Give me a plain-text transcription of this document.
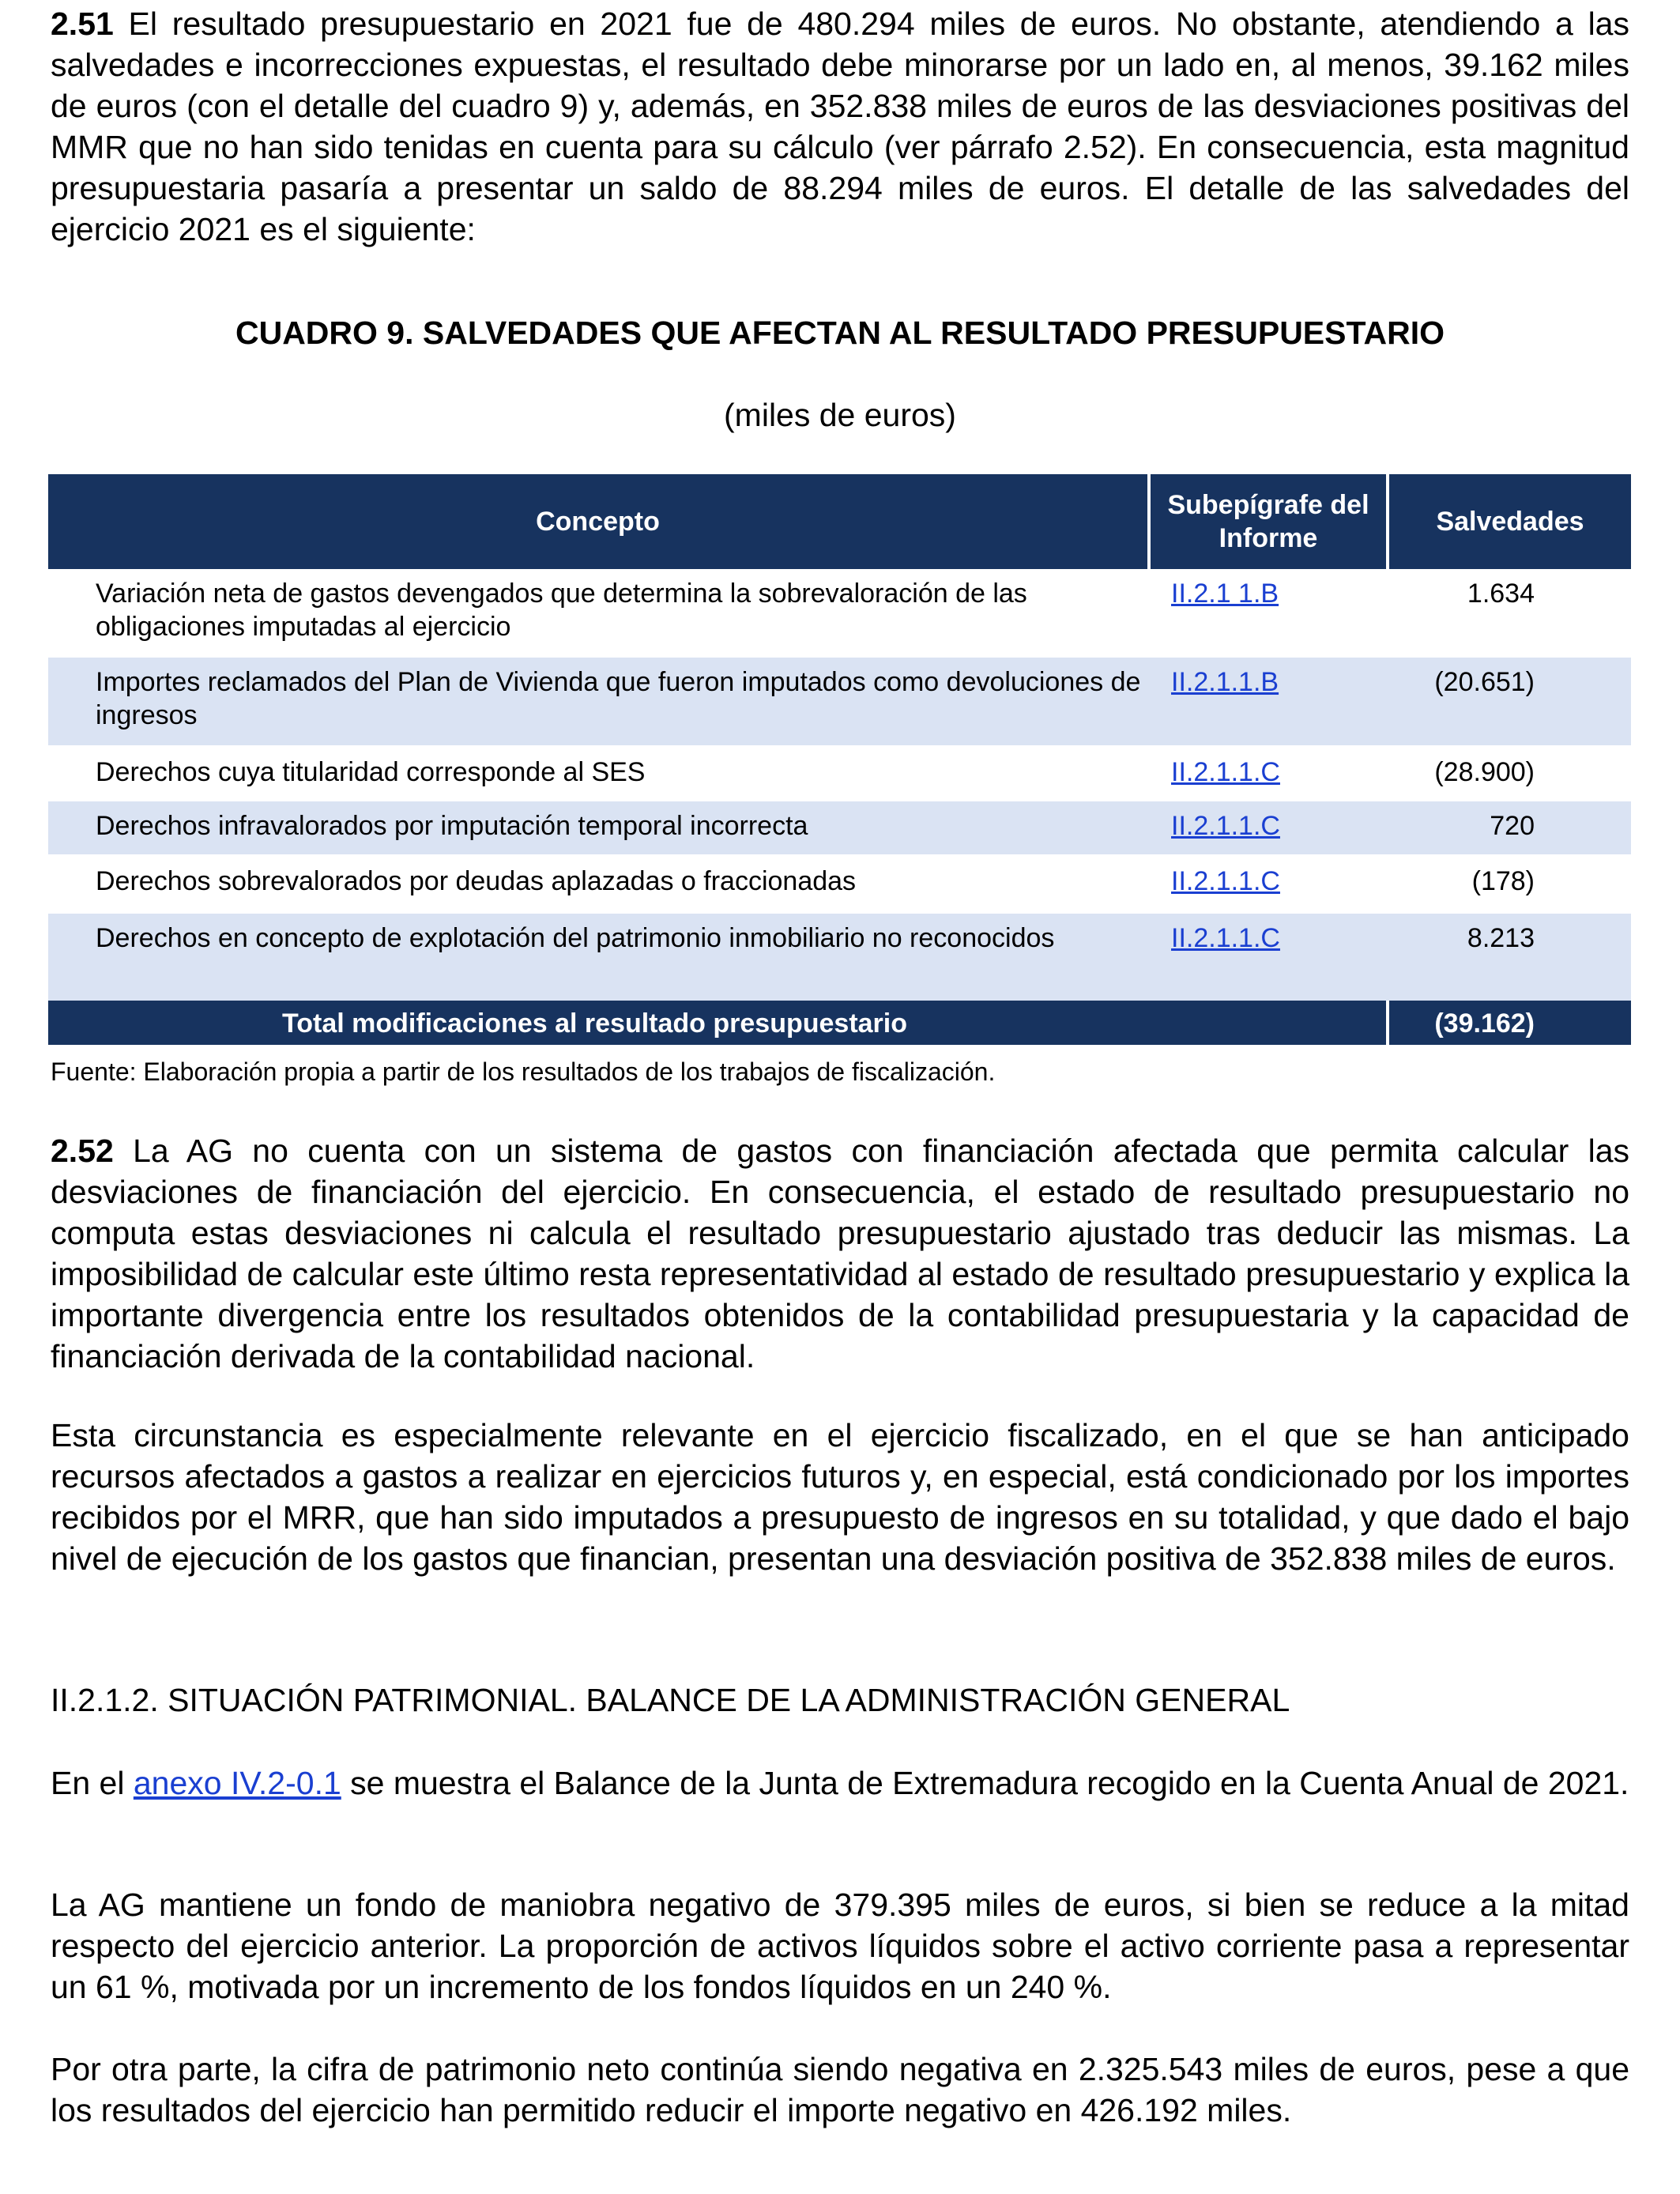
2.51 El resultado presupuestario en 2021 fue de 480.294 miles de euros. No obstante, atendiendo a las salvedades e incorrecciones expuestas, el resultado debe minorarse por un lado en, al menos, 39.162 miles de euros (con el detalle del cuadro 9) y, además, en 352.838 miles de euros de las desviaciones positivas del MMR que no han sido tenidas en cuenta para su cálculo (ver párrafo 2.52). En consecuencia, esta magnitud presupuestaria pasaría a presentar un saldo de 88.294 miles de euros. El detalle de las salvedades del ejercicio 2021 es el siguiente:

CUADRO 9. SALVEDADES QUE AFECTAN AL RESULTADO PRESUPUESTARIO
(miles de euros)
Concepto	Subepígrafe del Informe	Salvedades
Variación neta de gastos devengados que determina la sobrevaloración de las obligaciones imputadas al ejercicio	II.2.1 1.B	1.634
Importes reclamados del Plan de Vivienda que fueron imputados como devoluciones de ingresos	II.2.1.1.B	(20.651)
Derechos cuya titularidad corresponde al SES	II.2.1.1.C	(28.900)
Derechos infravalorados por imputación temporal incorrecta	II.2.1.1.C	720
Derechos sobrevalorados por deudas aplazadas o fraccionadas	II.2.1.1.C	(178)
Derechos en concepto de explotación del patrimonio inmobiliario no reconocidos	II.2.1.1.C	8.213
Total modificaciones al resultado presupuestario		(39.162)
Fuente: Elaboración propia a partir de los resultados de los trabajos de fiscalización.

2.52 La AG no cuenta con un sistema de gastos con financiación afectada que permita calcular las desviaciones de financiación del ejercicio. En consecuencia, el estado de resultado presupuestario no computa estas desviaciones ni calcula el resultado presupuestario ajustado tras deducir las mismas. La imposibilidad de calcular este último resta representatividad al estado de resultado presupuestario y explica la importante divergencia entre los resultados obtenidos de la contabilidad presupuestaria y la capacidad de financiación derivada de la contabilidad nacional.

Esta circunstancia es especialmente relevante en el ejercicio fiscalizado, en el que se han anticipado recursos afectados a gastos a realizar en ejercicios futuros y, en especial, está condicionado por los importes recibidos por el MRR, que han sido imputados a presupuesto de ingresos en su totalidad, y que dado el bajo nivel de ejecución de los gastos que financian, presentan una desviación positiva de 352.838 miles de euros.

II.2.1.2. SITUACIÓN PATRIMONIAL. BALANCE DE LA ADMINISTRACIÓN GENERAL

En el anexo IV.2-0.1 se muestra el Balance de la Junta de Extremadura recogido en la Cuenta Anual de 2021.

La AG mantiene un fondo de maniobra negativo de 379.395 miles de euros, si bien se reduce a la mitad respecto del ejercicio anterior. La proporción de activos líquidos sobre el activo corriente pasa a representar un 61 %, motivada por un incremento de los fondos líquidos en un 240 %.

Por otra parte, la cifra de patrimonio neto continúa siendo negativa en 2.325.543 miles de euros, pese a que los resultados del ejercicio han permitido reducir el importe negativo en 426.192 miles.
